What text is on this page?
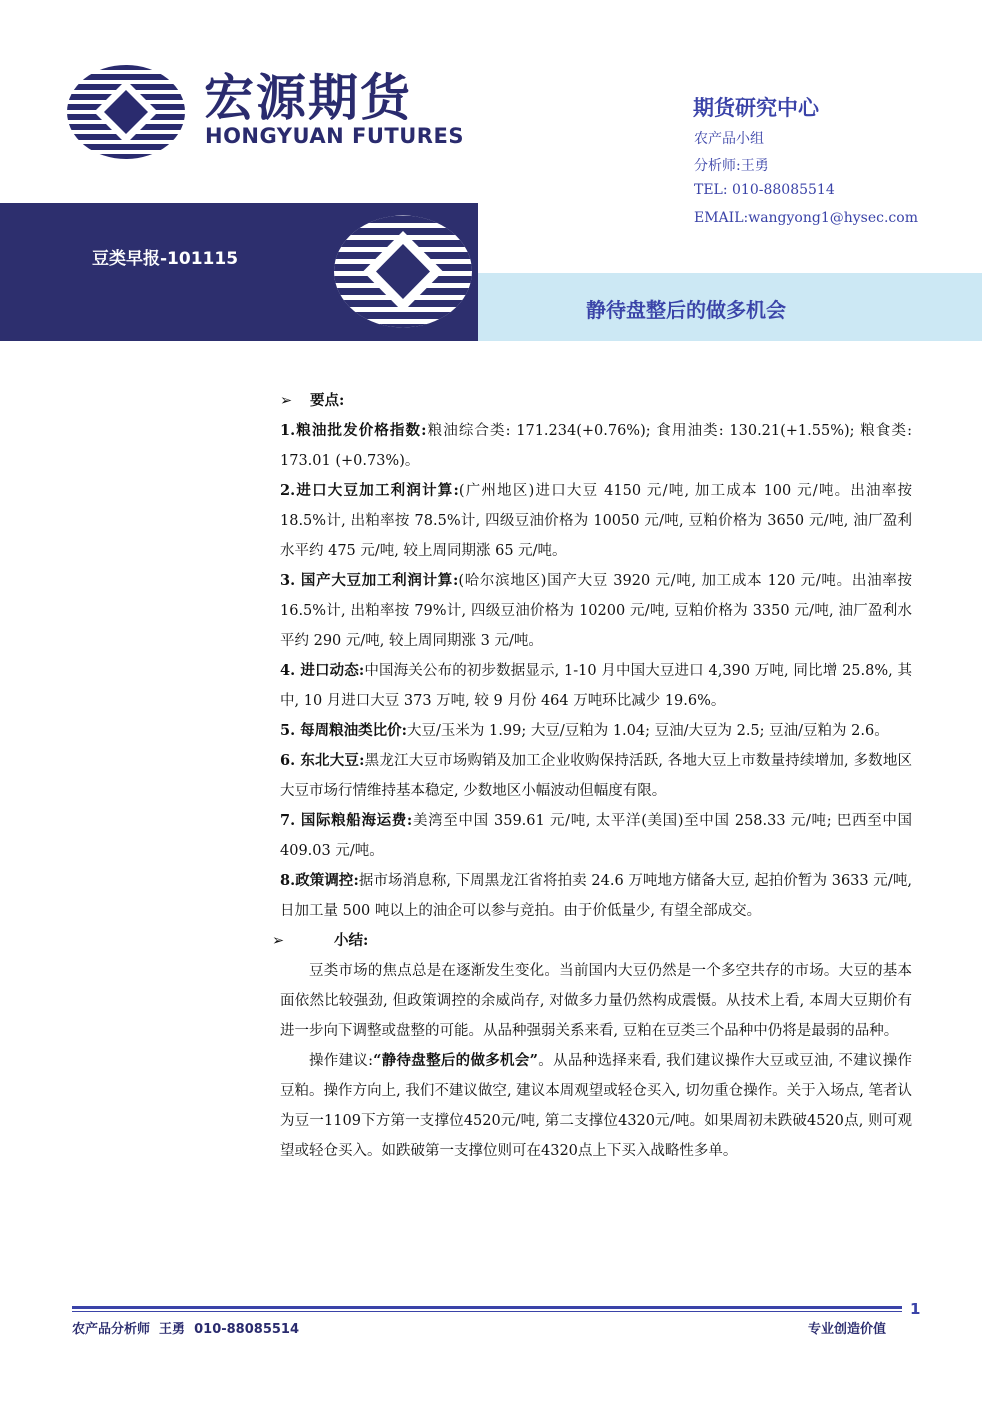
宏源期货
HONGYUAN FUTURES
期货研究中心
农产品小组
分析师:王勇
TEL: 010-88085514
EMAIL:wangyong1@hysec.com
豆类早报-101115
静待盘整后的做多机会

➢ 要点:

1.粮油批发价格指数:粮油综合类: 171.234(+0.76%); 食用油类: 130.21(+1.55%); 粮食类: 173.01 (+0.73%)。

2.进口大豆加工利润计算:(广州地区)进口大豆 4150 元/吨, 加工成本 100 元/吨。出油率按 18.5%计, 出粕率按 78.5%计, 四级豆油价格为 10050 元/吨, 豆粕价格为 3650 元/吨, 油厂盈利水平约 475 元/吨, 较上周同期涨 65 元/吨。

3. 国产大豆加工利润计算:(哈尔滨地区)国产大豆 3920 元/吨, 加工成本 120 元/吨。出油率按 16.5%计, 出粕率按 79%计, 四级豆油价格为 10200 元/吨, 豆粕价格为 3350 元/吨, 油厂盈利水平约 290 元/吨, 较上周同期涨 3 元/吨。

4. 进口动态:中国海关公布的初步数据显示, 1-10 月中国大豆进口 4,390 万吨, 同比增 25.8%, 其中, 10 月进口大豆 373 万吨, 较 9 月份 464 万吨环比减少 19.6%。

5. 每周粮油类比价:大豆/玉米为 1.99; 大豆/豆粕为 1.04; 豆油/大豆为 2.5; 豆油/豆粕为 2.6。

6. 东北大豆:黑龙江大豆市场购销及加工企业收购保持活跃, 各地大豆上市数量持续增加, 多数地区大豆市场行情维持基本稳定, 少数地区小幅波动但幅度有限。

7. 国际粮船海运费:美湾至中国 359.61 元/吨, 太平洋(美国)至中国 258.33 元/吨; 巴西至中国 409.03 元/吨。

8.政策调控:据市场消息称, 下周黑龙江省将拍卖 24.6 万吨地方储备大豆, 起拍价暂为 3633 元/吨, 日加工量 500 吨以上的油企可以参与竞拍。由于价低量少, 有望全部成交。

➢	小结:

豆类市场的焦点总是在逐渐发生变化。当前国内大豆仍然是一个多空共存的市场。大豆的基本面依然比较强劲, 但政策调控的余威尚存, 对做多力量仍然构成震慑。从技术上看, 本周大豆期价有进一步向下调整或盘整的可能。从品种强弱关系来看, 豆粕在豆类三个品种中仍将是最弱的品种。

操作建议:“静待盘整后的做多机会”。从品种选择来看, 我们建议操作大豆或豆油, 不建议操作豆粕。操作方向上, 我们不建议做空, 建议本周观望或轻仓买入, 切勿重仓操作。关于入场点, 笔者认为豆一1109下方第一支撑位4520元/吨, 第二支撑位4320元/吨。如果周初未跌破4520点, 则可观望或轻仓买入。如跌破第一支撑位则可在4320点上下买入战略性多单。

1
农产品分析师  王勇  010-88085514	专业创造价值
